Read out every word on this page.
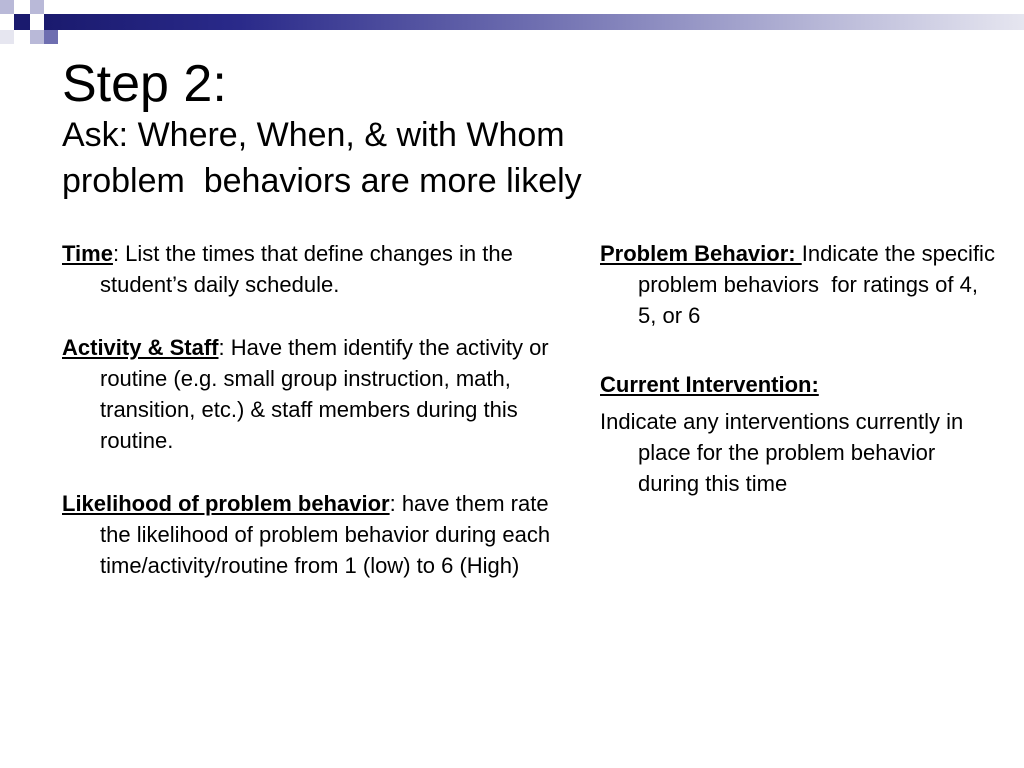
Step 2:

Ask: Where, When, & with Whom

problem  behaviors are more likely

Time: List the times that define changes in the student’s daily schedule.

Activity & Staff: Have them identify the activity or routine (e.g. small group instruction, math, transition, etc.) & staff members during this routine.

Likelihood of problem behavior: have them rate the likelihood of problem behavior during each time/activity/routine from 1 (low) to 6 (High)

Problem Behavior: Indicate the specific problem behaviors  for ratings of 4, 5, or 6

Current Intervention:

Indicate any interventions currently in place for the problem behavior during this time
